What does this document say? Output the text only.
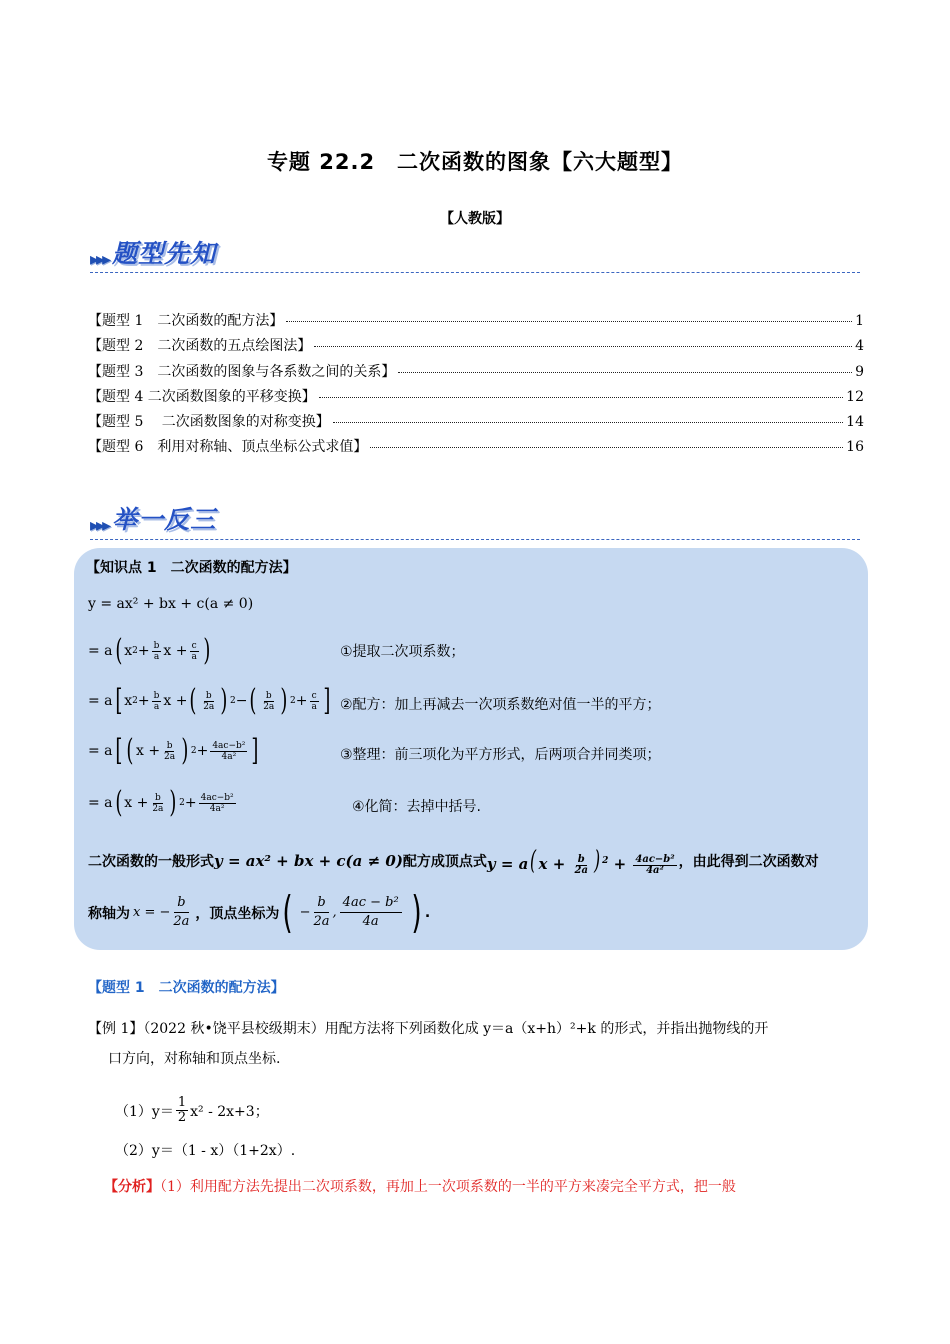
专题 22.2　二次函数的图象【六大题型】
【人教版】
▸▸▸ 题型先知
【题型 1　二次函数的配方法】	1
【题型 2　二次函数的五点绘图法】	4
【题型 3　二次函数的图象与各系数之间的关系】	9
【题型 4 二次函数图象的平移变换】	12
【题型 5　 二次函数图象的对称变换】	14
【题型 6　利用对称轴、顶点坐标公式求值】	16
▸▸▸ 举一反三
【知识点 1　二次函数的配方法】
y = ax² + bx + c(a ≠ 0)
= a ( x $2 + \frac{b}{a}$ $x + \frac{c}{a}$ )	①提取二次项系数；
= a [ x $2 + \frac{b}{a}$ x + ( $\frac{b}{2a}$ ) 2 − ( $\frac{b}{2a}$ ) $2 + \frac{c}{a}$ ] ②配方：加上再减去一次项系数绝对值一半的平方；
= a [ ( $x + \frac{b}{2a}$ ) $2 + \frac{\text{4ac−b²}}{\text{4a²}}$ ]	③整理：前三项化为平方形式，后两项合并同类项；
= a ( $x + \frac{b}{2a}$ ) $2 + \frac{\text{4ac−b²}}{\text{4a²}}$	④化简：去掉中括号.
二次函数的一般形式 y = ax² + bx + c(a ≠ 0) 配方成顶点式 y = a( $x + \frac{b}{2a}$ ) $^2 + \frac{\text{4ac−b²}}{\text{4a²}}$ ，由此得到二次函数对
称轴为 x = − $\frac{b}{2a}$ ，顶点坐标为 ( − $\frac{b}{2a}$ , $\frac{\text{4ac − b²}}{4a}$ ) .
【题型 1　二次函数的配方法】
【例 1】（2022 秋•饶平县校级期末）用配方法将下列函数化成 y＝a（x+h）²+k 的形式，并指出抛物线的开
口方向，对称轴和顶点坐标.
$(1)y= \frac{1}{2} x^2 - 2x+3$；
（2）y＝（1 - x）（1+2x）.
【分析】（1）利用配方法先提出二次项系数，再加上一次项系数的一半的平方来凑完全平方式，把一般
